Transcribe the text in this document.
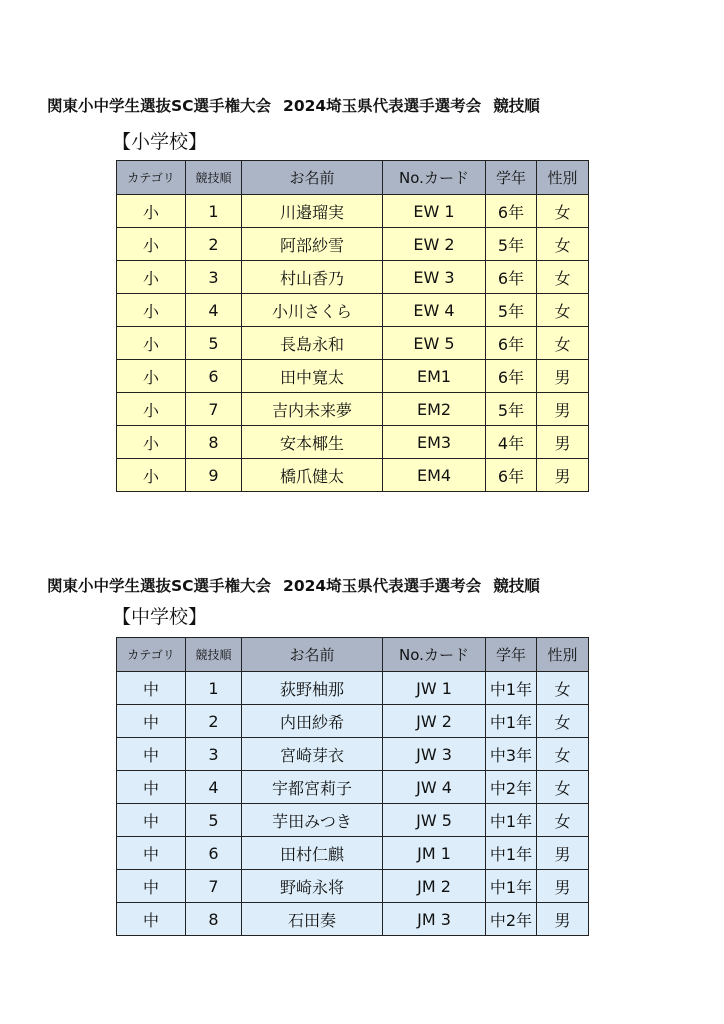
関東小中学生選抜SC選手権大会 2024埼玉県代表選手選考会 競技順
【小学校】
カテゴリ	競技順	お名前	No.カード	学年	性別
小	1	川邉瑠実	EW 1	6年	女
小	2	阿部紗雪	EW 2	5年	女
小	3	村山香乃	EW 3	6年	女
小	4	小川さくら	EW 4	5年	女
小	5	長島永和	EW 5	6年	女
小	6	田中寛太	EM1	6年	男
小	7	吉内未来夢	EM2	5年	男
小	8	安本椰生	EM3	4年	男
小	9	橋爪健太	EM4	6年	男
関東小中学生選抜SC選手権大会 2024埼玉県代表選手選考会 競技順
【中学校】
カテゴリ	競技順	お名前	No.カード	学年	性別
中	1	荻野柚那	JW 1	中1年	女
中	2	内田紗希	JW 2	中1年	女
中	3	宮崎芽衣	JW 3	中3年	女
中	4	宇都宮莉子	JW 4	中2年	女
中	5	芋田みつき	JW 5	中1年	女
中	6	田村仁麒	JM 1	中1年	男
中	7	野崎永将	JM 2	中1年	男
中	8	石田奏	JM 3	中2年	男
